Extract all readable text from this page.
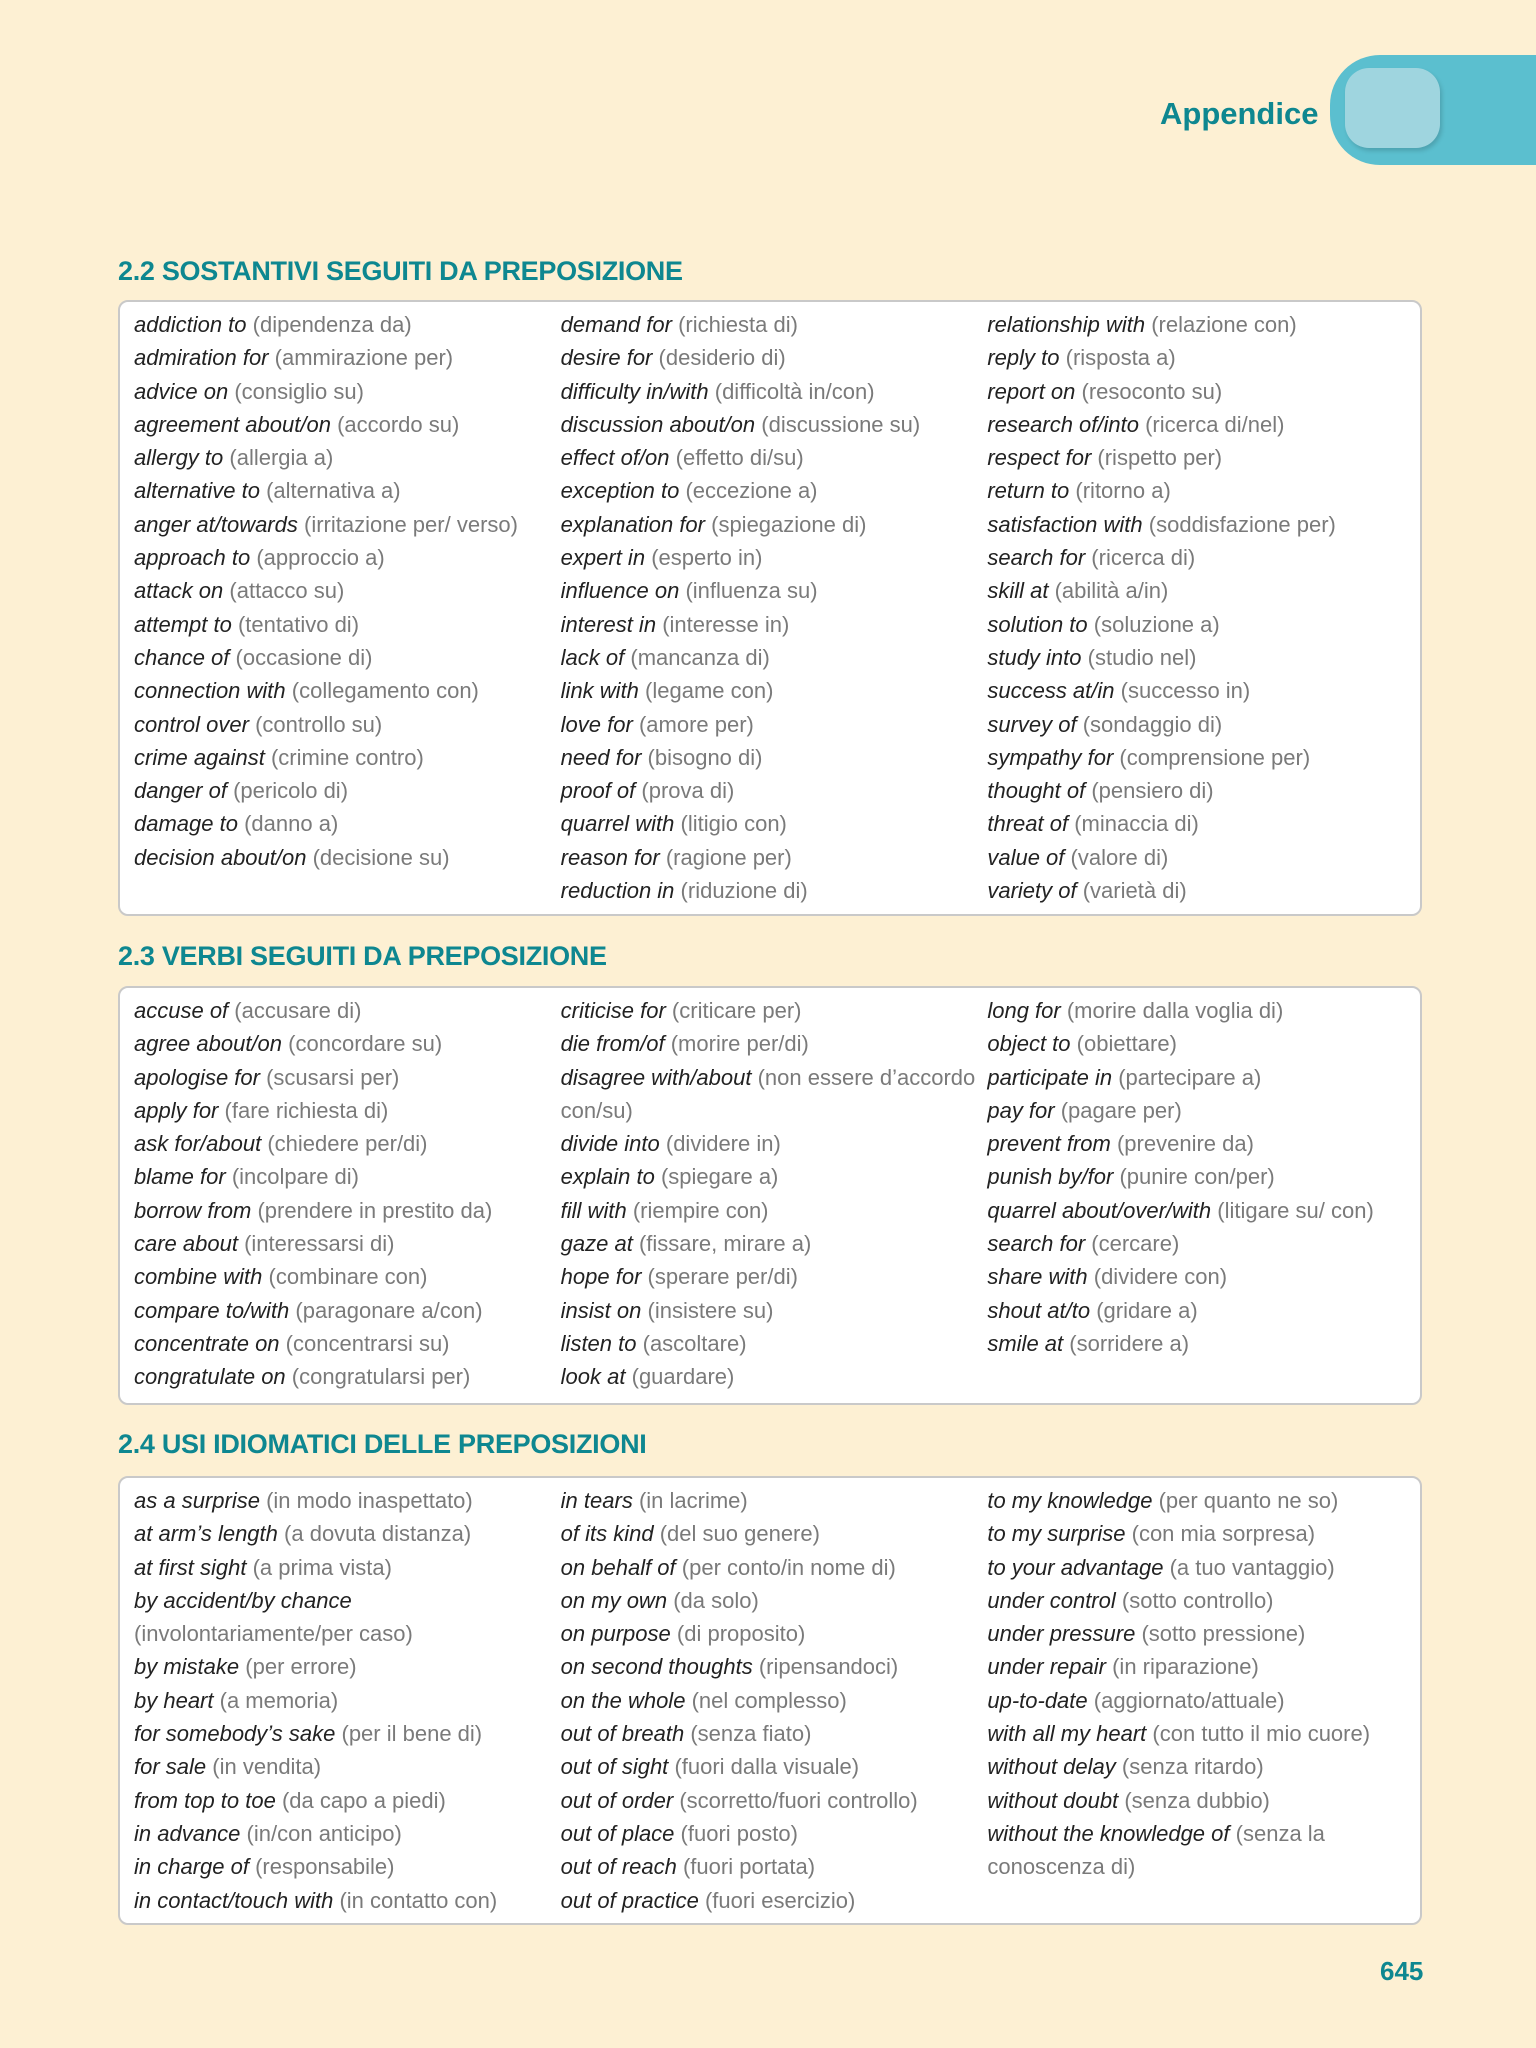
Appendice
2.2 SOSTANTIVI SEGUITI DA PREPOSIZIONE
addiction to (dipendenza da)
admiration for (ammirazione per)
advice on (consiglio su)
agreement about/on (accordo su)
allergy to (allergia a)
alternative to (alternativa a)
anger at/towards (irritazione per/ verso)
approach to (approccio a)
attack on (attacco su)
attempt to (tentativo di)
chance of (occasione di)
connection with (collegamento con)
control over (controllo su)
crime against (crimine contro)
danger of (pericolo di)
damage to (danno a)
decision about/on (decisione su)
demand for (richiesta di)
desire for (desiderio di)
difficulty in/with (difficoltà in/con)
discussion about/on (discussione su)
effect of/on (effetto di/su)
exception to (eccezione a)
explanation for (spiegazione di)
expert in (esperto in)
influence on (influenza su)
interest in (interesse in)
lack of (mancanza di)
link with (legame con)
love for (amore per)
need for (bisogno di)
proof of (prova di)
quarrel with (litigio con)
reason for (ragione per)
reduction in (riduzione di)
relationship with (relazione con)
reply to (risposta a)
report on (resoconto su)
research of/into (ricerca di/nel)
respect for (rispetto per)
return to (ritorno a)
satisfaction with (soddisfazione per)
search for (ricerca di)
skill at (abilità a/in)
solution to (soluzione a)
study into (studio nel)
success at/in (successo in)
survey of (sondaggio di)
sympathy for (comprensione per)
thought of (pensiero di)
threat of (minaccia di)
value of (valore di)
variety of (varietà di)
2.3 VERBI SEGUITI DA PREPOSIZIONE
accuse of (accusare di)
agree about/on (concordare su)
apologise for (scusarsi per)
apply for (fare richiesta di)
ask for/about (chiedere per/di)
blame for (incolpare di)
borrow from (prendere in prestito da)
care about (interessarsi di)
combine with (combinare con)
compare to/with (paragonare a/con)
concentrate on (concentrarsi su)
congratulate on (congratularsi per)
criticise for (criticare per)
die from/of (morire per/di)
disagree with/about (non essere d’accordo con/su)
divide into (dividere in)
explain to (spiegare a)
fill with (riempire con)
gaze at (fissare, mirare a)
hope for (sperare per/di)
insist on (insistere su)
listen to (ascoltare)
look at (guardare)
long for (morire dalla voglia di)
object to (obiettare)
participate in (partecipare a)
pay for (pagare per)
prevent from (prevenire da)
punish by/for (punire con/per)
quarrel about/over/with (litigare su/ con)
search for (cercare)
share with (dividere con)
shout at/to (gridare a)
smile at (sorridere a)
2.4 USI IDIOMATICI DELLE PREPOSIZIONI
as a surprise (in modo inaspettato)
at arm’s length (a dovuta distanza)
at first sight (a prima vista)
by accident/by chance (involontariamente/per caso)
by mistake (per errore)
by heart (a memoria)
for somebody’s sake (per il bene di)
for sale (in vendita)
from top to toe (da capo a piedi)
in advance (in/con anticipo)
in charge of (responsabile)
in contact/touch with (in contatto con)
in tears (in lacrime)
of its kind (del suo genere)
on behalf of (per conto/in nome di)
on my own (da solo)
on purpose (di proposito)
on second thoughts (ripensandoci)
on the whole (nel complesso)
out of breath (senza fiato)
out of sight (fuori dalla visuale)
out of order (scorretto/fuori controllo)
out of place (fuori posto)
out of reach (fuori portata)
out of practice (fuori esercizio)
to my knowledge (per quanto ne so)
to my surprise (con mia sorpresa)
to your advantage (a tuo vantaggio)
under control (sotto controllo)
under pressure (sotto pressione)
under repair (in riparazione)
up-to-date (aggiornato/attuale)
with all my heart (con tutto il mio cuore)
without delay (senza ritardo)
without doubt (senza dubbio)
without the knowledge of (senza la conoscenza di)
645
